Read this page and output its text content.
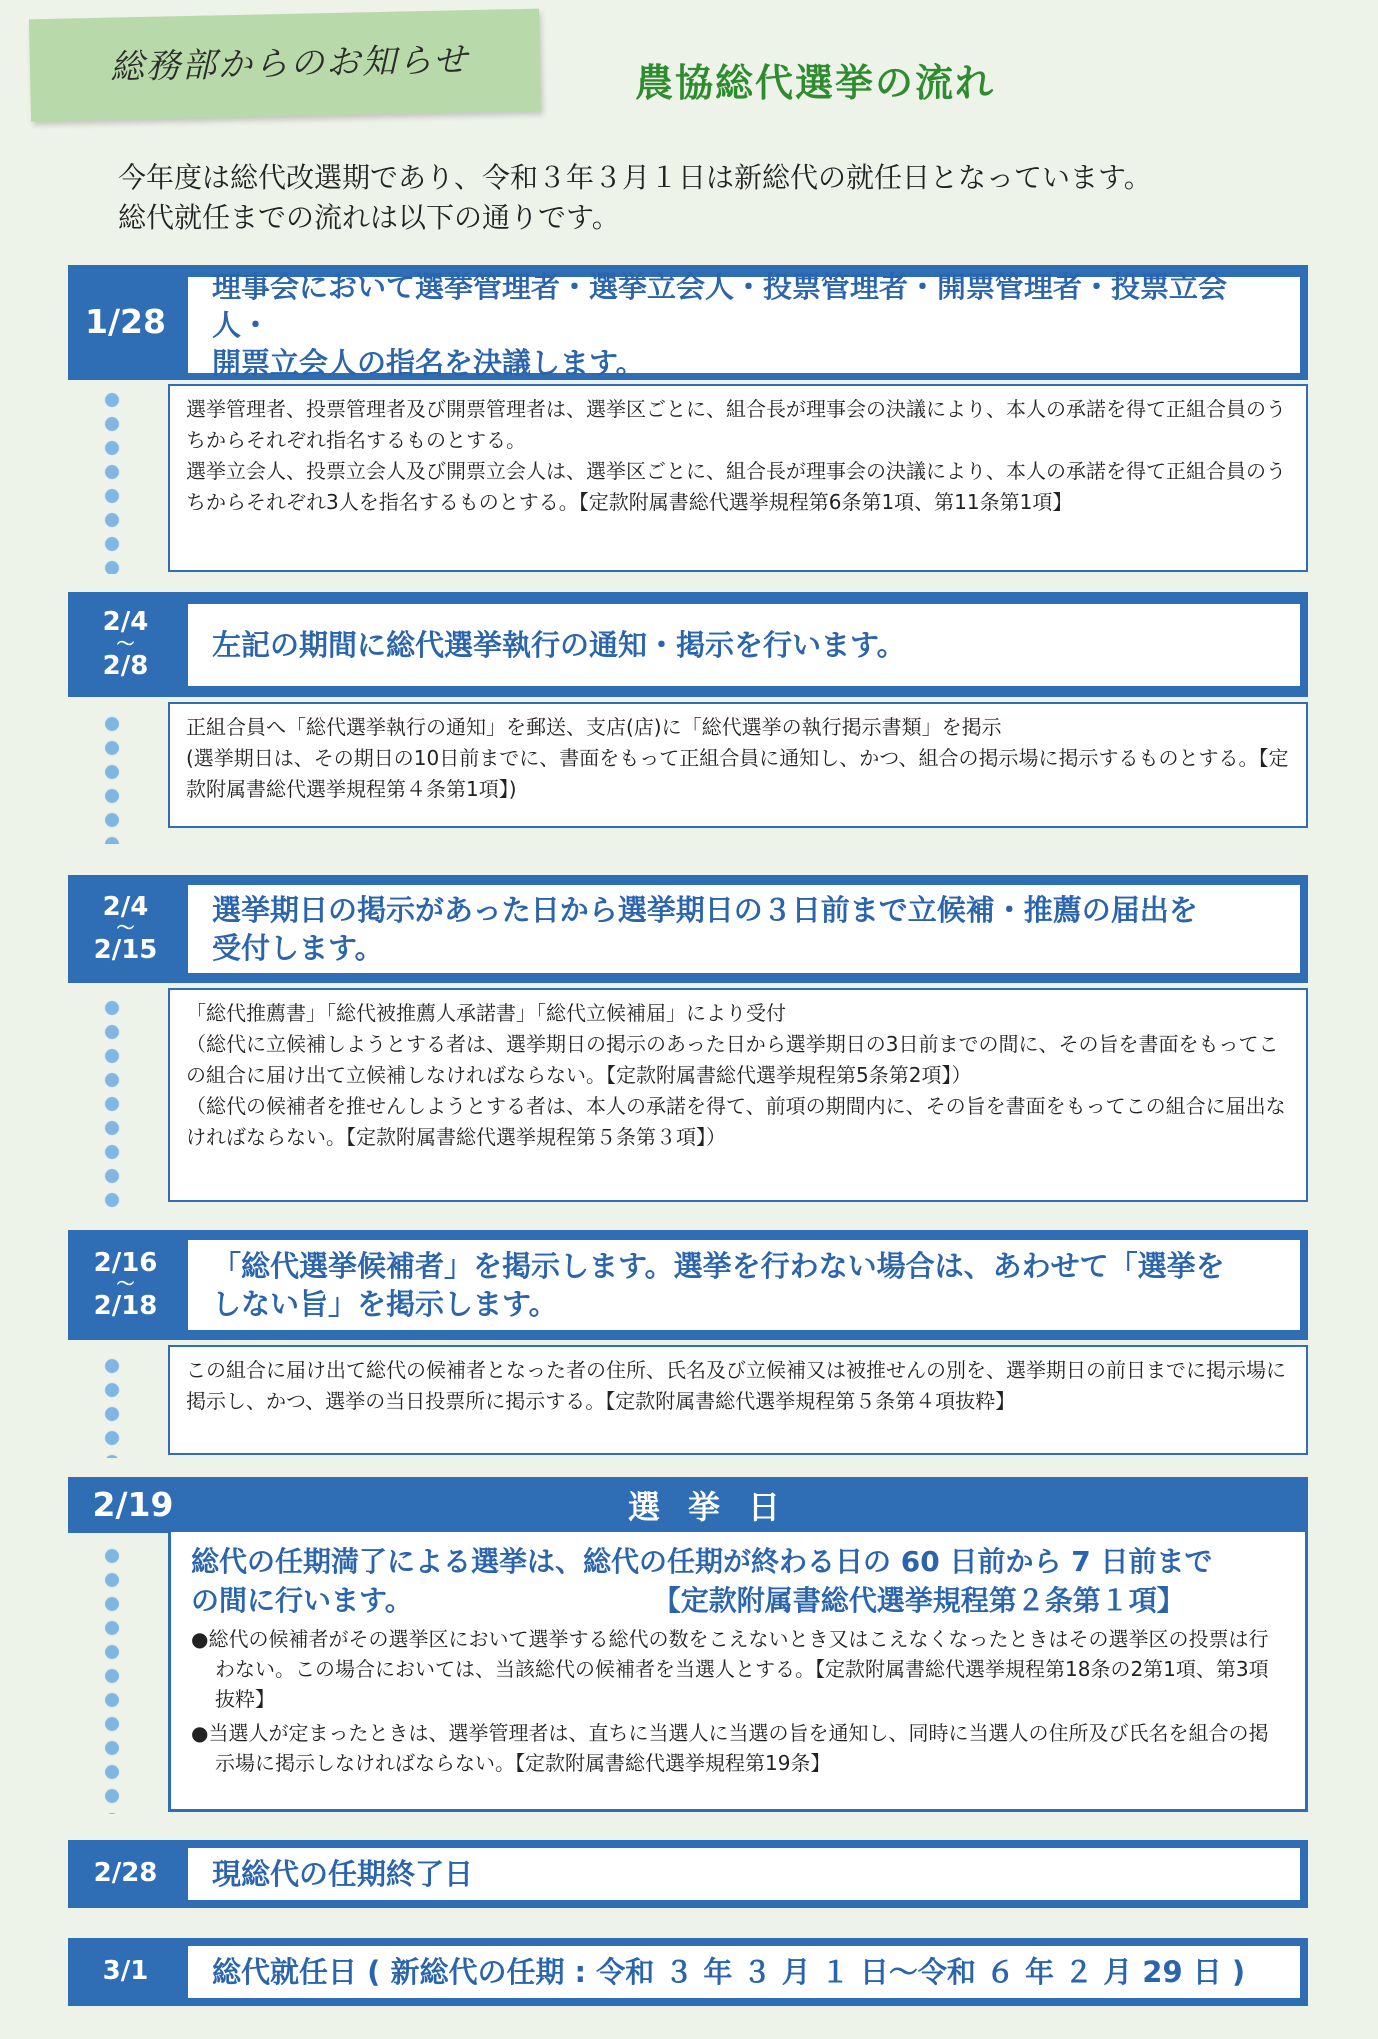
総務部からのお知らせ	農協総代選挙の流れ
今年度は総代改選期であり、令和３年３月１日は新総代の就任日となっています。
総代就任までの流れは以下の通りです。
1/28
理事会において選挙管理者・選挙立会人・投票管理者・開票管理者・投票立会人・
開票立会人の指名を決議します。

選挙管理者、投票管理者及び開票管理者は、選挙区ごとに、組合長が理事会の決議により、本人の承諾を得て正組合員のうちからそれぞれ指名するものとする。

選挙立会人、投票立会人及び開票立会人は、選挙区ごとに、組合長が理事会の決議により、本人の承諾を得て正組合員のうちからそれぞれ3人を指名するものとする。【定款附属書総代選挙規程第6条第1項、第11条第1項】

2/4
～
2/8
左記の期間に総代選挙執行の通知・掲示を行います。

正組合員へ「総代選挙執行の通知」を郵送、支店(店)に「総代選挙の執行掲示書類」を掲示

(選挙期日は、その期日の10日前までに、書面をもって正組合員に通知し、かつ、組合の掲示場に掲示するものとする。【定款附属書総代選挙規程第４条第1項】)

2/4
～
2/15
選挙期日の掲示があった日から選挙期日の３日前まで立候補・推薦の届出を
受付します。

「総代推薦書」「総代被推薦人承諾書」「総代立候補届」により受付

（総代に立候補しようとする者は、選挙期日の掲示のあった日から選挙期日の3日前までの間に、その旨を書面をもってこの組合に届け出て立候補しなければならない。【定款附属書総代選挙規程第5条第2項】）

（総代の候補者を推せんしようとする者は、本人の承諾を得て、前項の期間内に、その旨を書面をもってこの組合に届出なければならない。【定款附属書総代選挙規程第５条第３項】）

2/16
～
2/18
「総代選挙候補者」を掲示します。選挙を行わない場合は、あわせて「選挙を
しない旨」を掲示します。

この組合に届け出て総代の候補者となった者の住所、氏名及び立候補又は被推せんの別を、選挙期日の前日までに掲示場に掲示し、かつ、選挙の当日投票所に掲示する。【定款附属書総代選挙規程第５条第４項抜粋】

2/19	選挙日
総代の任期満了による選挙は、総代の任期が終わる日の 60 日前から 7 日前まで
の間に行います。	【定款附属書総代選挙規程第２条第１項】
●総代の候補者がその選挙区において選挙する総代の数をこえないとき又はこえなくなったときはその選挙区の投票は行わない。この場合においては、当該総代の候補者を当選人とする。【定款附属書総代選挙規程第18条の2第1項、第3項抜粋】
●当選人が定まったときは、選挙管理者は、直ちに当選人に当選の旨を通知し、同時に当選人の住所及び氏名を組合の掲示場に掲示しなければならない。【定款附属書総代選挙規程第19条】
2/28	現総代の任期終了日
3/1	総代就任日 ( 新総代の任期 : 令和 ３ 年 ３ 月 １ 日～令和 ６ 年 ２ 月 29 日 )
